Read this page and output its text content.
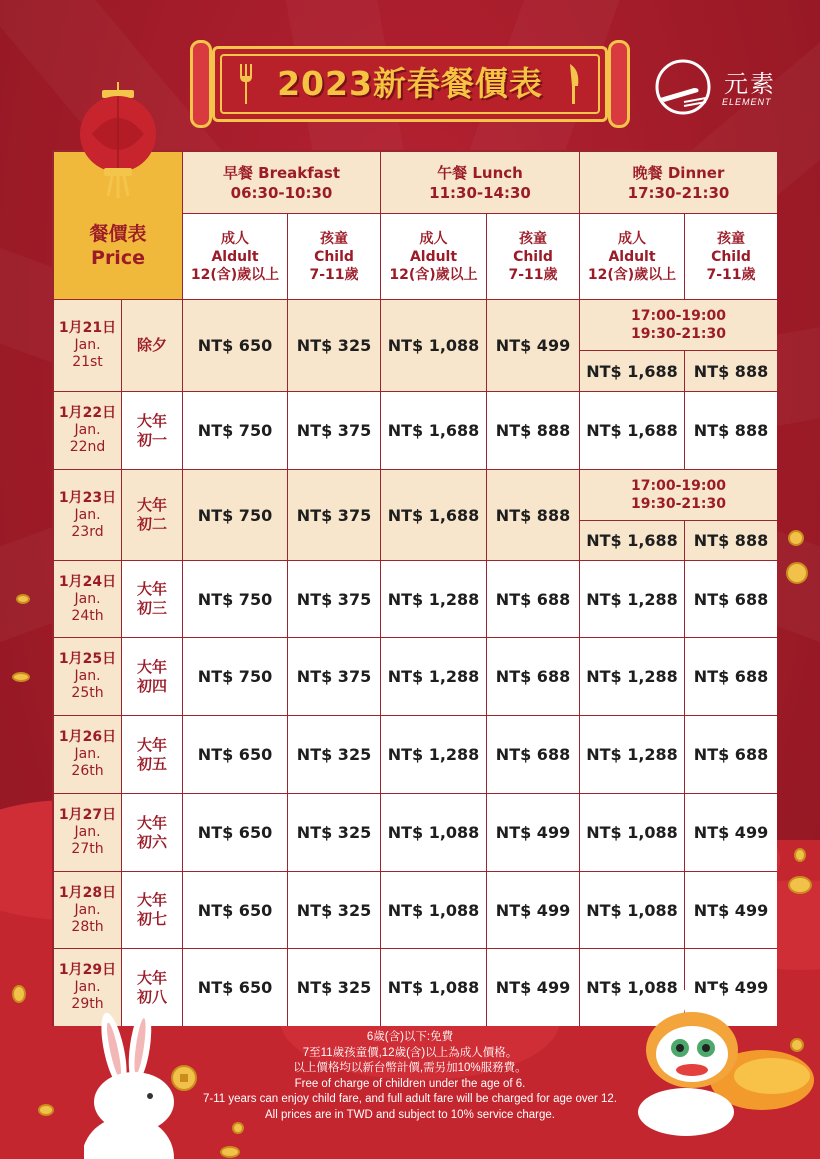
2023新春餐價表	元素
ELEMENT
餐價表
Price
早餐 Breakfast
06:30-10:30
午餐 Lunch
11:30-14:30
晚餐 Dinner
17:30-21:30
成人
Aldult
12(含)歲以上
孩童
Child
7-11歲
成人
Aldult
12(含)歲以上
孩童
Child
7-11歲
成人
Aldult
12(含)歲以上
孩童
Child
7-11歲
1月21日
Jan.
21st
除夕 NT$ 650 NT$ 325 NT$ 1,088 NT$ 499
17:00-19:00
19:30-21:30
NT$ 1,688 NT$ 888
1月22日
Jan.
22nd
大年
初一 NT$ 750 NT$ 375 NT$ 1,688 NT$ 888 NT$ 1,688 NT$ 888
1月23日
Jan.
23rd
大年
初二 NT$ 750 NT$ 375 NT$ 1,688 NT$ 888
17:00-19:00
19:30-21:30
NT$ 1,688 NT$ 888
1月24日
Jan.
24th
大年
初三 NT$ 750 NT$ 375 NT$ 1,288 NT$ 688 NT$ 1,288 NT$ 688
1月25日
Jan.
25th
大年
初四 NT$ 750 NT$ 375 NT$ 1,288 NT$ 688 NT$ 1,288 NT$ 688
1月26日
Jan.
26th
大年
初五 NT$ 650 NT$ 325 NT$ 1,288 NT$ 688 NT$ 1,288 NT$ 688
1月27日
Jan.
27th
大年
初六 NT$ 650 NT$ 325 NT$ 1,088 NT$ 499 NT$ 1,088 NT$ 499
1月28日
Jan.
28th
大年
初七 NT$ 650 NT$ 325 NT$ 1,088 NT$ 499 NT$ 1,088 NT$ 499
1月29日
Jan.
29th
大年
初八 NT$ 650 NT$ 325 NT$ 1,088 NT$ 499 NT$ 1,088 NT$ 499
6歲(含)以下:免費
7至11歲孩童價,12歲(含)以上為成人價格。
以上價格均以新台幣計價,需另加10%服務費。
Free of charge of children under the age of 6.
7-11 years can enjoy child fare, and full adult fare will be charged for age over 12.
All prices are in TWD and subject to 10% service charge.
